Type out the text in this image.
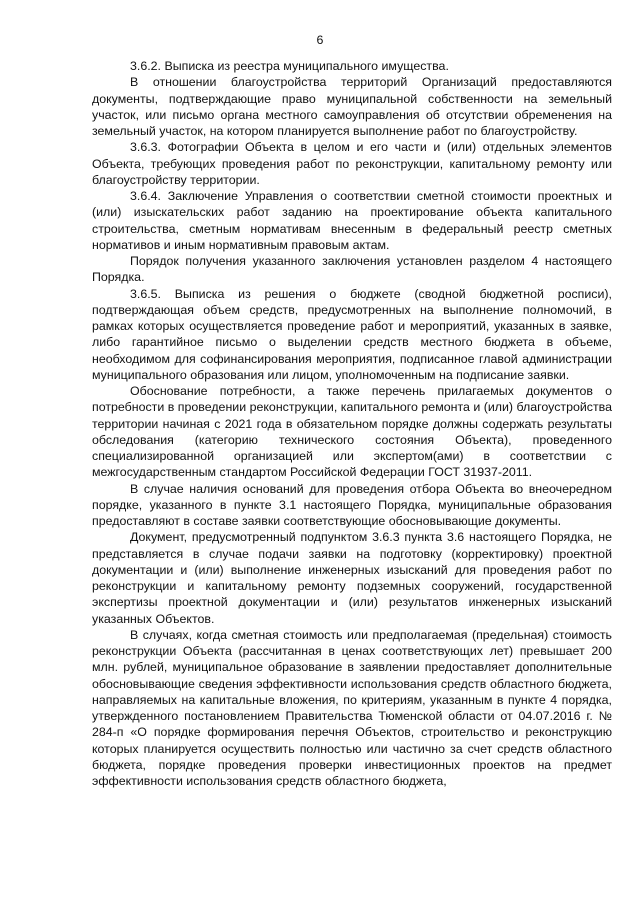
6

3.6.2. Выписка из реестра муниципального имущества.

В отношении благоустройства территорий Организаций предоставляются документы, подтверждающие право муниципальной собственности на земельный участок, или письмо органа местного самоуправления об отсутствии обременения на земельный участок, на котором планируется выполнение работ по благоустройству.

3.6.3. Фотографии Объекта в целом и его части и (или) отдельных элементов Объекта, требующих проведения работ по реконструкции, капитальному ремонту или благоустройству территории.

3.6.4. Заключение Управления о соответствии сметной стоимости проектных и (или) изыскательских работ заданию на проектирование объекта капитального строительства, сметным нормативам внесенным в федеральный реестр сметных нормативов и иным нормативным правовым актам.

Порядок получения указанного заключения установлен разделом 4 настоящего Порядка.

3.6.5. Выписка из решения о бюджете (сводной бюджетной росписи), подтверждающая объем средств, предусмотренных на выполнение полномочий, в рамках которых осуществляется проведение работ и мероприятий, указанных в заявке, либо гарантийное письмо о выделении средств местного бюджета в объеме, необходимом для софинансирования мероприятия, подписанное главой администрации муниципального образования или лицом, уполномоченным на подписание заявки.

Обоснование потребности, а также перечень прилагаемых документов о потребности в проведении реконструкции, капитального ремонта и (или) благоустройства территории начиная с 2021 года в обязательном порядке должны содержать результаты обследования (категорию технического состояния Объекта), проведенного специализированной организацией или экспертом(ами) в соответствии с межгосударственным стандартом Российской Федерации ГОСТ 31937-2011.

В случае наличия оснований для проведения отбора Объекта во внеочередном порядке, указанного в пункте 3.1 настоящего Порядка, муниципальные образования предоставляют в составе заявки соответствующие обосновывающие документы.

Документ, предусмотренный подпунктом 3.6.3 пункта 3.6 настоящего Порядка, не представляется в случае подачи заявки на подготовку (корректировку) проектной документации и (или) выполнение инженерных изысканий для проведения работ по реконструкции и капитальному ремонту подземных сооружений, государственной экспертизы проектной документации и (или) результатов инженерных изысканий указанных Объектов.

В случаях, когда сметная стоимость или предполагаемая (предельная) стоимость реконструкции Объекта (рассчитанная в ценах соответствующих лет) превышает 200 млн. рублей, муниципальное образование в заявлении предоставляет дополнительные обосновывающие сведения эффективности использования средств областного бюджета, направляемых на капитальные вложения, по критериям, указанным в пункте 4 порядка, утвержденного постановлением Правительства Тюменской области от 04.07.2016 г. № 284-п «О порядке формирования перечня Объектов, строительство и реконструкцию которых планируется осуществить полностью или частично за счет средств областного бюджета, порядке проведения проверки инвестиционных проектов на предмет эффективности использования средств областного бюджета,
